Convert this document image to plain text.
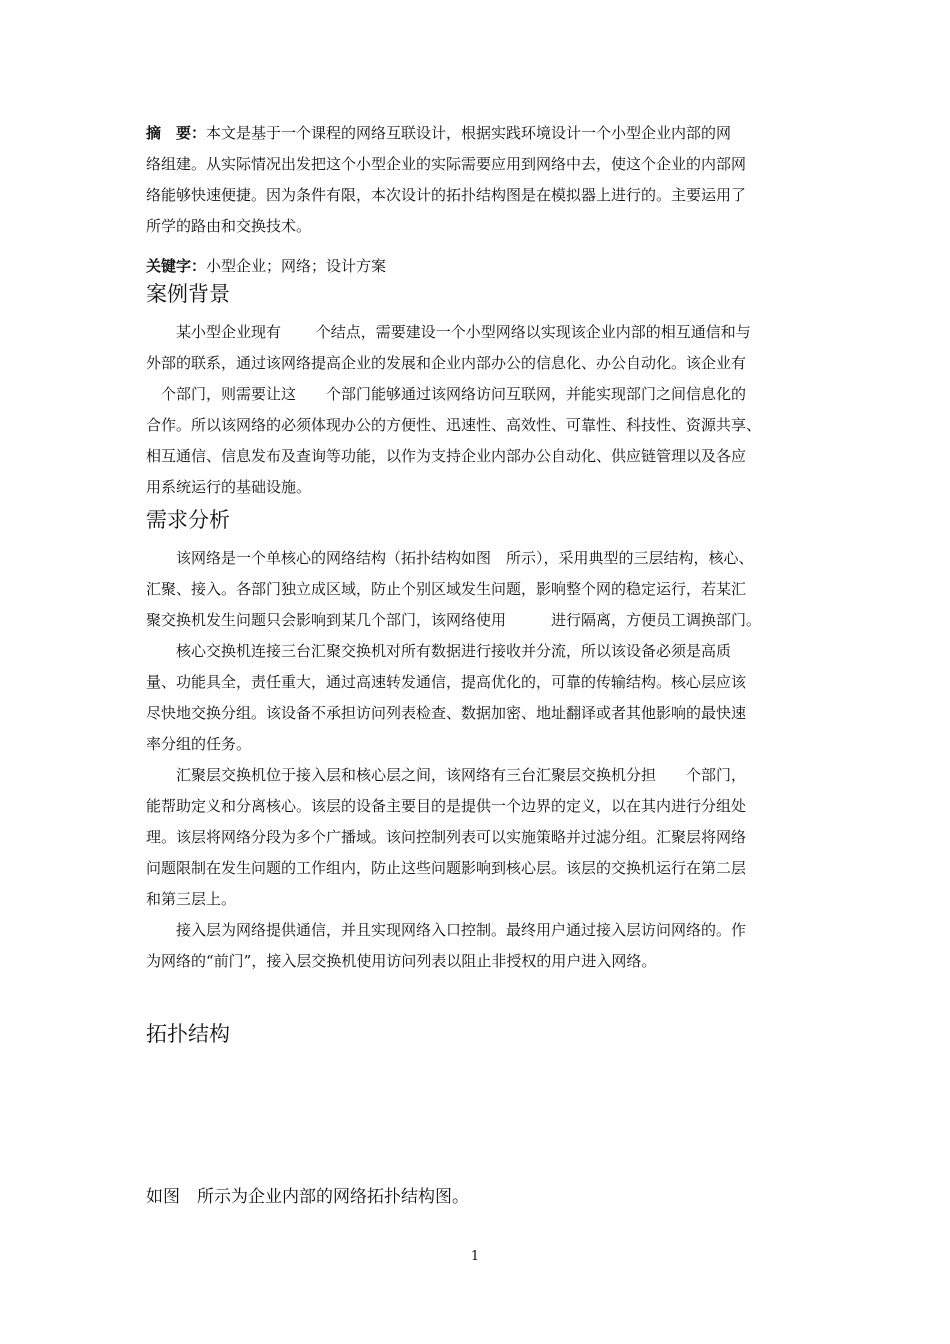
摘　要：本文是基于一个课程的网络互联设计，根据实践环境设计一个小型企业内部的网
络组建。从实际情况出发把这个小型企业的实际需要应用到网络中去，使这个企业的内部网
络能够快速便捷。因为条件有限，本次设计的拓扑结构图是在模拟器上进行的。主要运用了
所学的路由和交换技术。
关键字：小型企业；网络；设计方案
案例背景
　　某小型企业现有　　 个结点，需要建设一个小型网络以实现该企业内部的相互通信和与
外部的联系，通过该网络提高企业的发展和企业内部办公的信息化、办公自动化。该企业有
　个部门，则需要让这　　个部门能够通过该网络访问互联网，并能实现部门之间信息化的
合作。所以该网络的必须体现办公的方便性、迅速性、高效性、可靠性、科技性、资源共享、
相互通信、信息发布及查询等功能，以作为支持企业内部办公自动化、供应链管理以及各应
用系统运行的基础设施。
需求分析
　　该网络是一个单核心的网络结构（拓扑结构如图　所示），采用典型的三层结构，核心、
汇聚、接入。各部门独立成区域，防止个别区域发生问题，影响整个网的稳定运行，若某汇
聚交换机发生问题只会影响到某几个部门，该网络使用　　　进行隔离，方便员工调换部门。
　　核心交换机连接三台汇聚交换机对所有数据进行接收并分流，所以该设备必须是高质
量、功能具全，责任重大，通过高速转发通信，提高优化的，可靠的传输结构。核心层应该
尽快地交换分组。该设备不承担访问列表检查、数据加密、地址翻译或者其他影响的最快速
率分组的任务。
　　汇聚层交换机位于接入层和核心层之间，该网络有三台汇聚层交换机分担　　个部门，
能帮助定义和分离核心。该层的设备主要目的是提供一个边界的定义，以在其内进行分组处
理。该层将网络分段为多个广播域。该问控制列表可以实施策略并过滤分组。汇聚层将网络
问题限制在发生问题的工作组内，防止这些问题影响到核心层。该层的交换机运行在第二层
和第三层上。
　　接入层为网络提供通信，并且实现网络入口控制。最终用户通过接入层访问网络的。作
为网络的“前门”，接入层交换机使用访问列表以阻止非授权的用户进入网络。
拓扑结构
如图　所示为企业内部的网络拓扑结构图。
1
